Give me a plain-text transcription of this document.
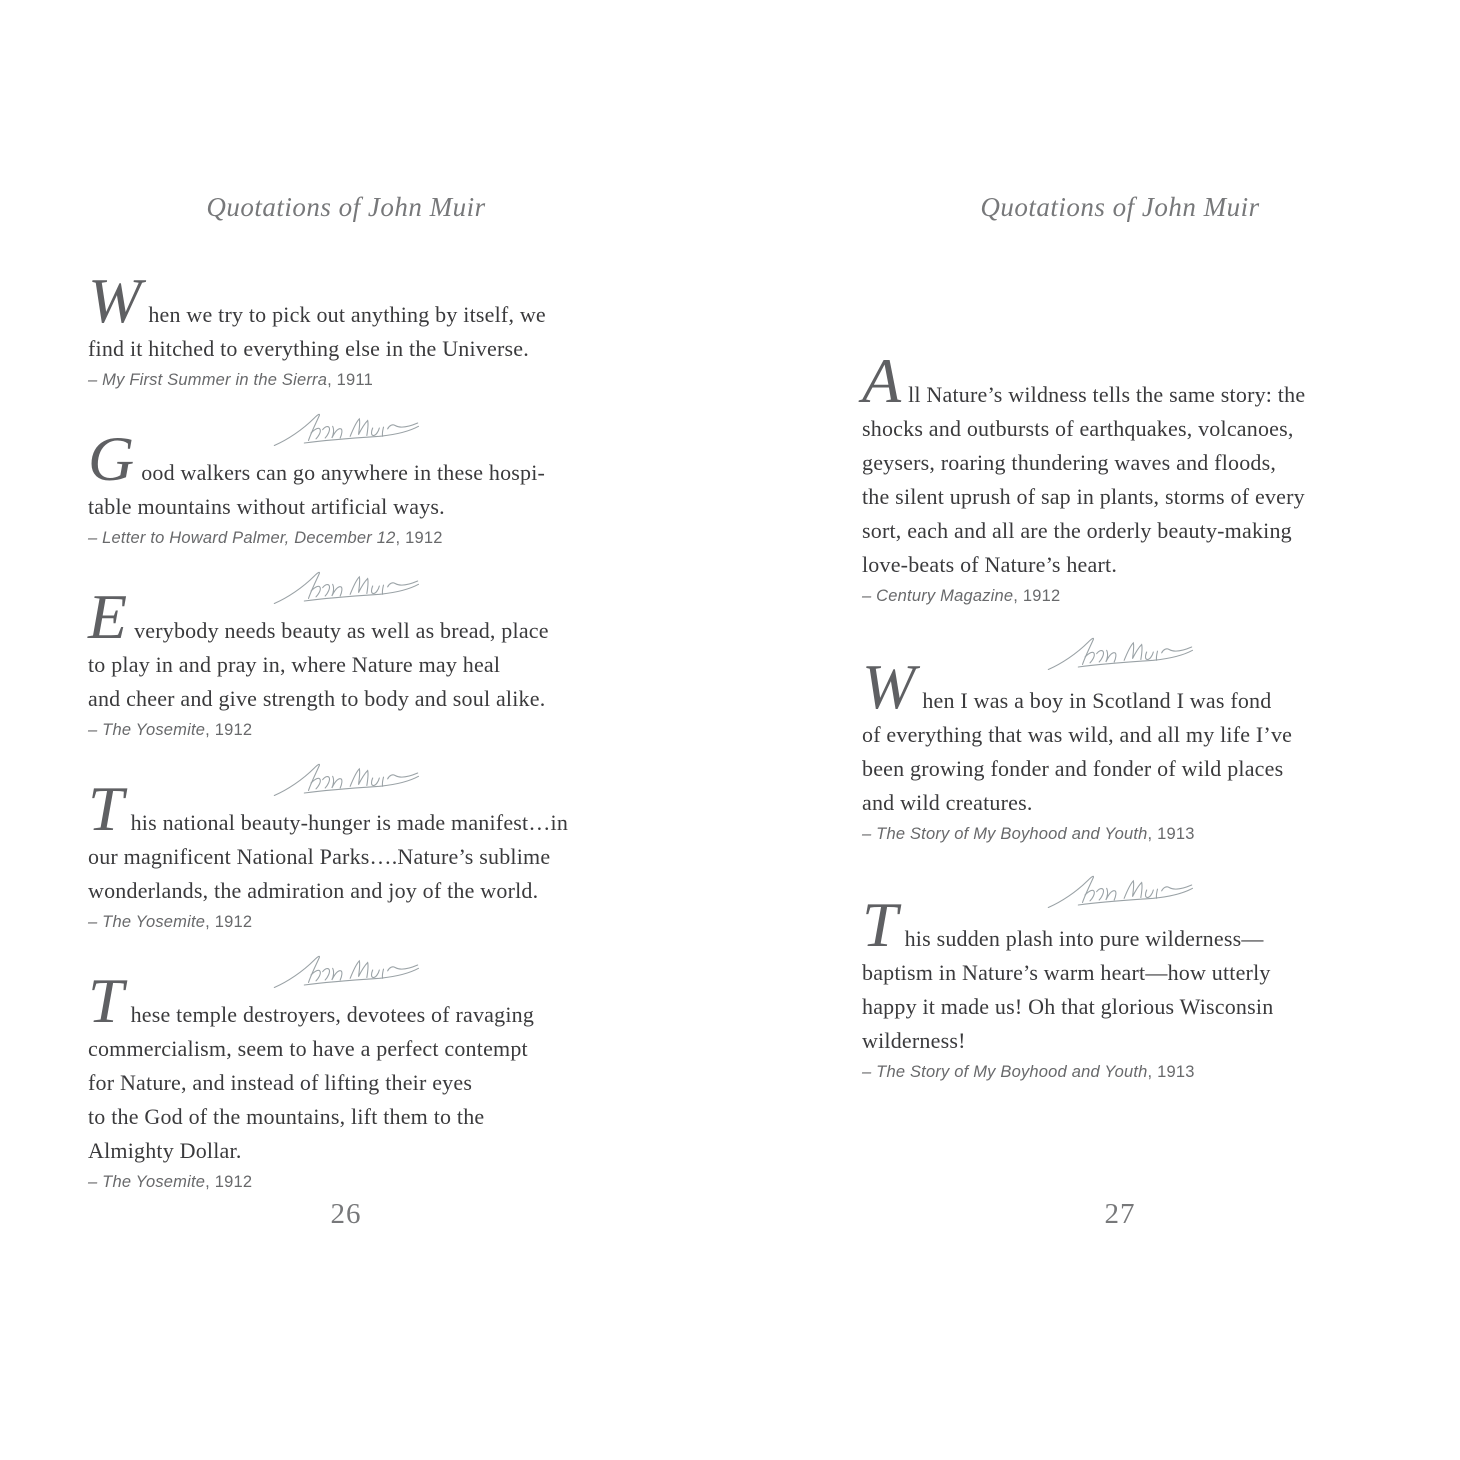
Quotations of John Muir
When we try to pick out anything by itself, we
find it hitched to everything else in the Universe.

– My First Summer in the Sierra, 1911

Good walkers can go anywhere in these hospi-
table mountains without artificial ways.

– Letter to Howard Palmer, December 12, 1912

Everybody needs beauty as well as bread, place
to play in and pray in, where Nature may heal
and cheer and give strength to body and soul alike.

– The Yosemite, 1912

This national beauty-hunger is made manifest…in
our magnificent National Parks….Nature’s sublime
wonderlands, the admiration and joy of the world.

– The Yosemite, 1912

These temple destroyers, devotees of ravaging
commercialism, seem to have a perfect contempt
for Nature, and instead of lifting their eyes
to the God of the mountains, lift them to the
Almighty Dollar.

– The Yosemite, 1912

26
Quotations of John Muir
All Nature’s wildness tells the same story: the
shocks and outbursts of earthquakes, volcanoes,
geysers, roaring thundering waves and floods,
the silent uprush of sap in plants, storms of every
sort, each and all are the orderly beauty-making
love-beats of Nature’s heart.

– Century Magazine, 1912

When I was a boy in Scotland I was fond
of everything that was wild, and all my life I’ve
been growing fonder and fonder of wild places
and wild creatures.

– The Story of My Boyhood and Youth, 1913

This sudden plash into pure wilderness—
baptism in Nature’s warm heart—how utterly
happy it made us! Oh that glorious Wisconsin
wilderness!

– The Story of My Boyhood and Youth, 1913

27
